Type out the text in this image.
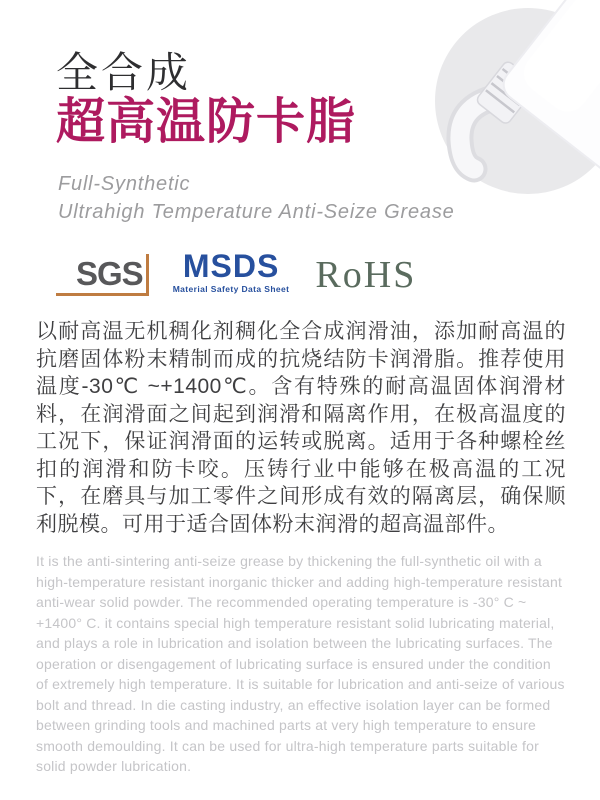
全合成
超高温防卡脂
Full-Synthetic
Ultrahigh Temperature Anti-Seize Grease
SGS	MSDS
Material Safety Data Sheet RoHS

以耐高温无机稠化剂稠化全合成润滑油，添加耐高温的抗磨固体粉末精制而成的抗烧结防卡润滑脂。推荐使用温度-30℃ ~+1400℃。含有特殊的耐高温固体润滑材料，在润滑面之间起到润滑和隔离作用，在极高温度的工况下，保证润滑面的运转或脱离。适用于各种螺栓丝扣的润滑和防卡咬。压铸行业中能够在极高温的工况下，在磨具与加工零件之间形成有效的隔离层，确保顺利脱模。可用于适合固体粉末润滑的超高温部件。

It is the anti-sintering anti-seize grease by thickening the full-synthetic oil with a high-temperature resistant inorganic thicker and adding high-temperature resistant anti-wear solid powder. The recommended operating temperature is -30° C ~ +1400° C. it contains special high temperature resistant solid lubricating material, and plays a role in lubrication and isolation between the lubricating surfaces. The operation or disengagement of lubricating surface is ensured under the condition of extremely high temperature. It is suitable for lubrication and anti-seize of various bolt and thread. In die casting industry, an effective isolation layer can be formed between grinding tools and machined parts at very high temperature to ensure smooth demoulding. It can be used for ultra-high temperature parts suitable for solid powder lubrication.
